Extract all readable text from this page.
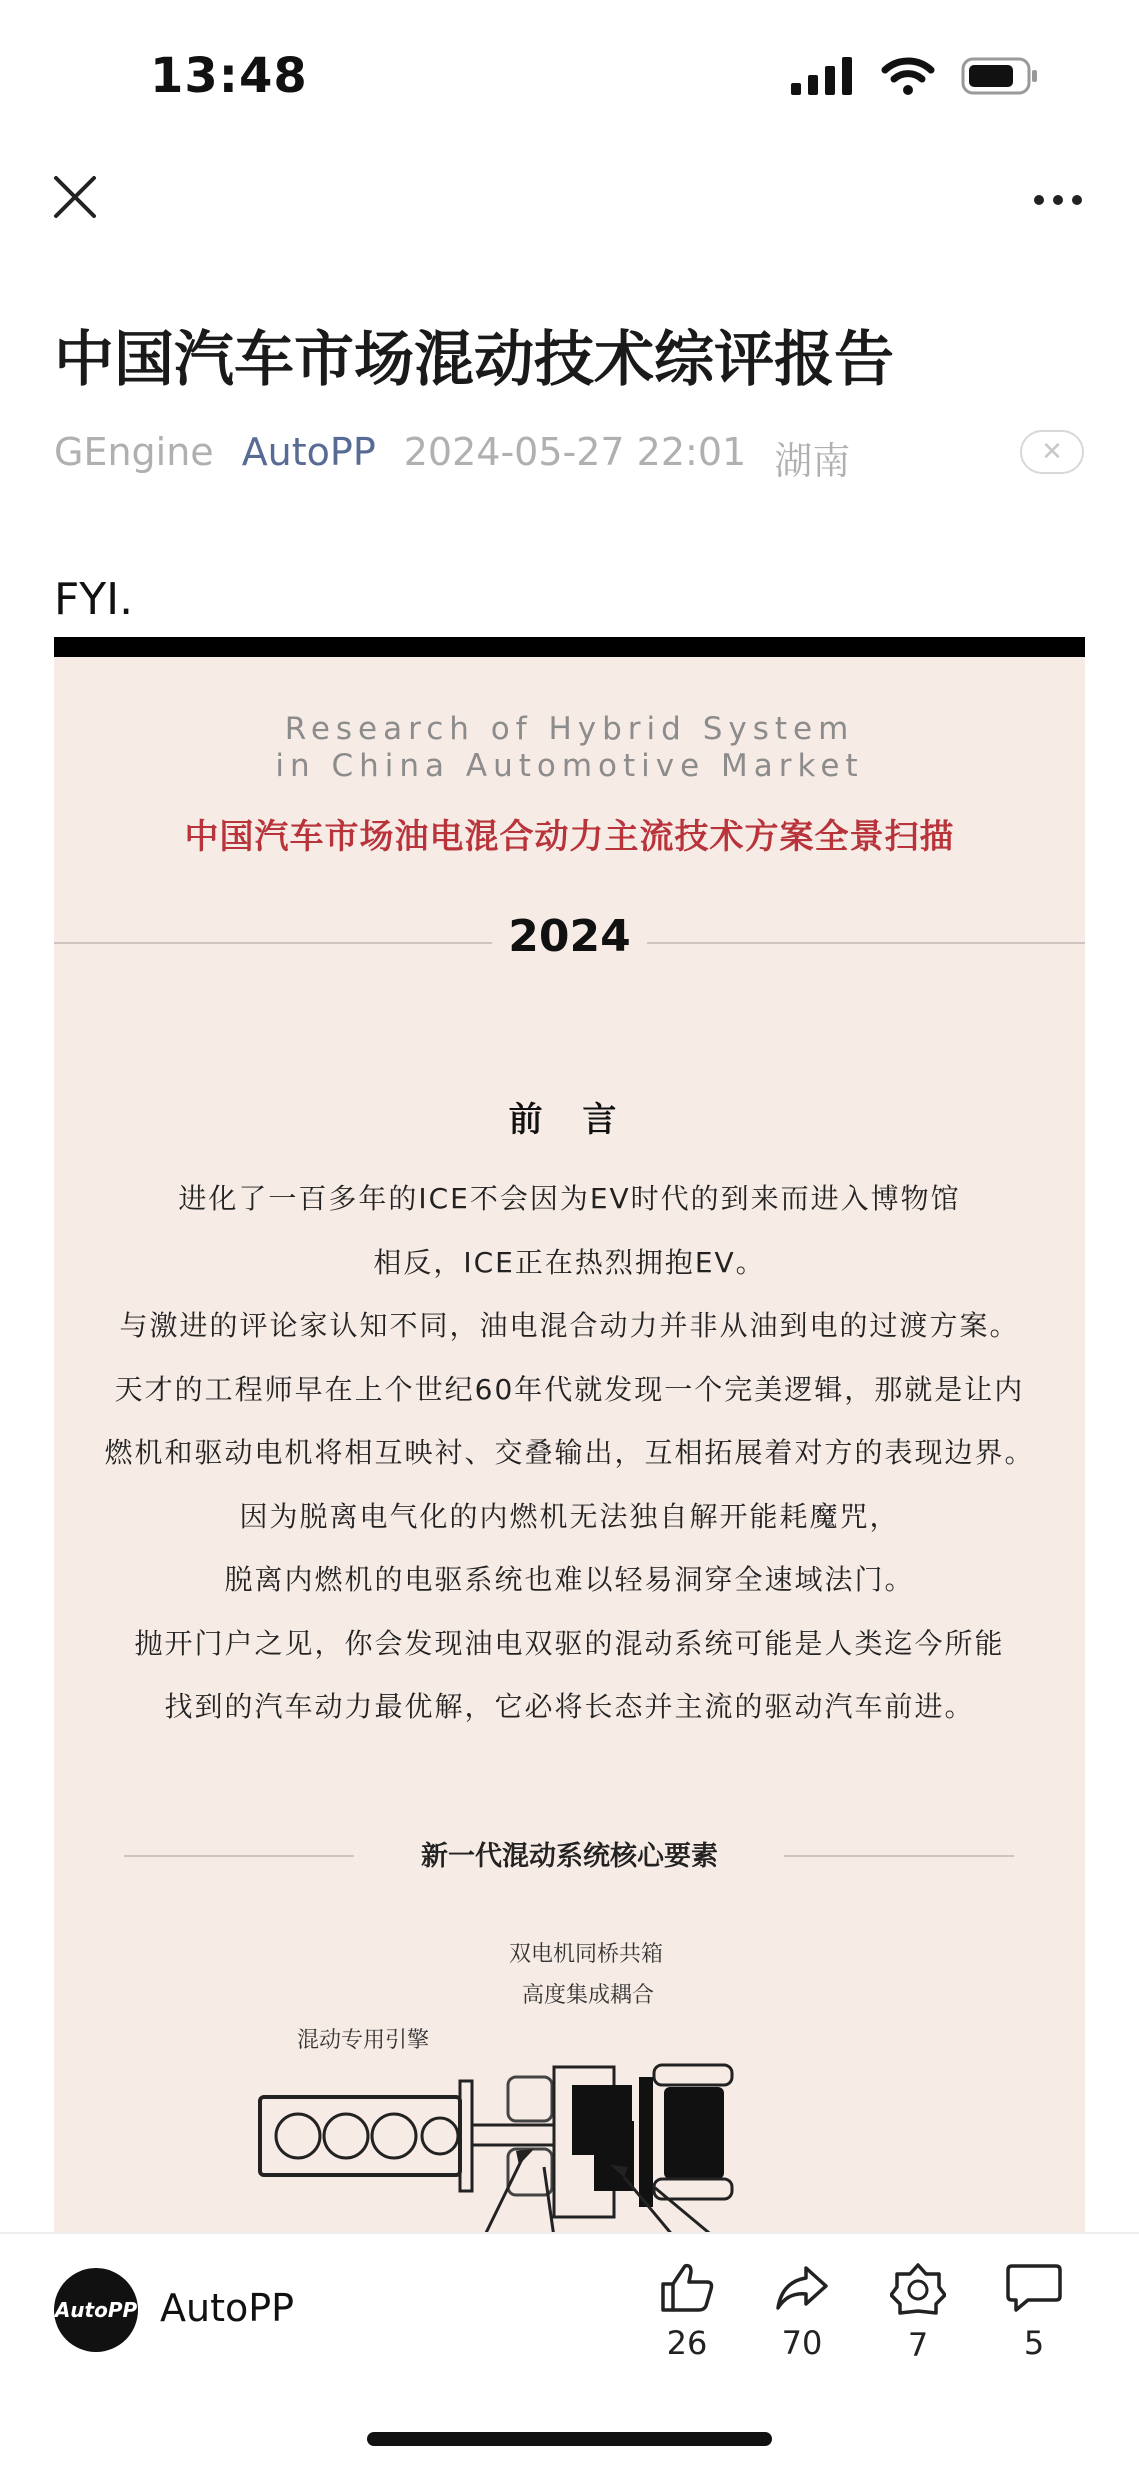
13:48
中国汽车市场混动技术综评报告
GEngine AutoPP 2024-05-27 22:01 湖南	✕
FYI.
Research of Hybrid System
in China Automotive Market
中国汽车市场油电混合动力主流技术方案全景扫描
2024
前 言
进化了一百多年的ICE不会因为EV时代的到来而进入博物馆
相反，ICE正在热烈拥抱EV。
与激进的评论家认知不同，油电混合动力并非从油到电的过渡方案。
天才的工程师早在上个世纪60年代就发现一个完美逻辑，那就是让内
燃机和驱动电机将相互映衬、交叠输出，互相拓展着对方的表现边界。
因为脱离电气化的内燃机无法独自解开能耗魔咒，
脱离内燃机的电驱系统也难以轻易洞穿全速域法门。
抛开门户之见，你会发现油电双驱的混动系统可能是人类迄今所能
找到的汽车动力最优解，它必将长态并主流的驱动汽车前进。
新一代混动系统核心要素
双电机同桥共箱
高度集成耦合
混动专用引擎
AutoPP AutoPP
26	70	7	5
